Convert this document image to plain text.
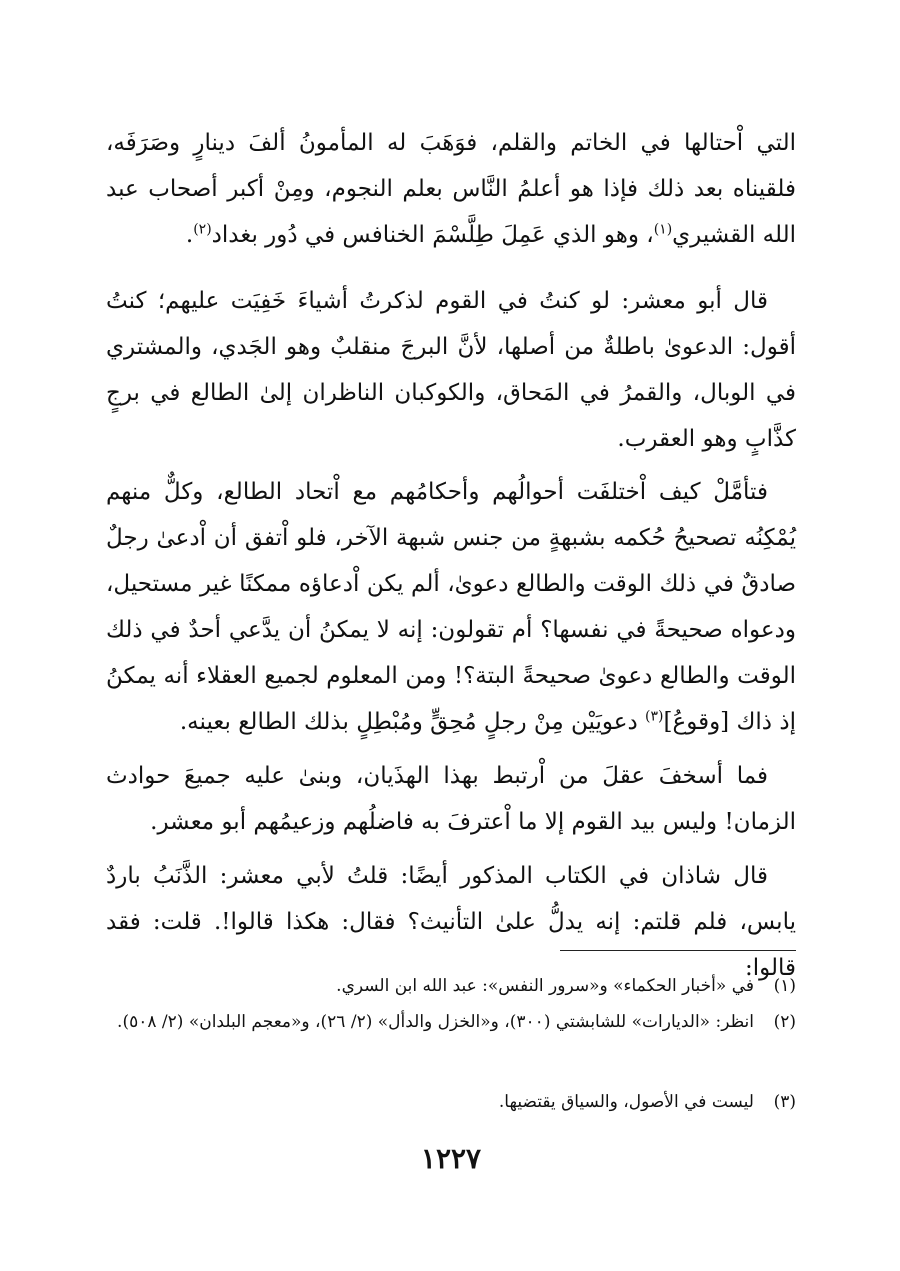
التي اْحتالها في الخاتم والقلم، فوَهَبَ له المأمونُ ألفَ دينارٍ وصَرَفَه، فلقيناه بعد ذلك فإذا هو أعلمُ النَّاس بعلم النجوم، ومِنْ أكبر أصحاب عبد الله القشيري$^{(١)}$، وهو الذي عَمِلَ طِلَّسْمَ الخنافس في دُور بغداد$^{(٢)}$.

قال أبو معشر: لو كنتُ في القوم لذكرتُ أشياءَ خَفِيَت عليهم؛ كنتُ أقول: الدعوىٰ باطلةٌ من أصلها، لأنَّ البرجَ منقلبٌ وهو الجَدي، والمشتري في الوبال، والقمرُ في المَحاق، والكوكبان الناظران إلىٰ الطالع في برجٍ كذَّابٍ وهو العقرب.

فتأمَّلْ كيف اْختلفَت أحوالُهم وأحكامُهم مع اْتحاد الطالع، وكلٌّ منهم يُمْكِنُه تصحيحُ حُكمه بشبهةٍ من جنس شبهة الآخر، فلو اْتفق أن اْدعىٰ رجلٌ صادقٌ في ذلك الوقت والطالع دعوىٰ، ألم يكن اْدعاؤه ممكنًا غير مستحيل، ودعواه صحيحةً في نفسها؟ أم تقولون: إنه لا يمكنُ أن يدَّعي أحدٌ في ذلك الوقت والطالع دعوىٰ صحيحةً البتة؟! ومن المعلوم لجميع العقلاء أنه يمكنُ إذ ذاك [وقوعُ]$^{(٣)}$ دعويَيْن مِنْ رجلٍ مُحِقٍّ ومُبْطِلٍ بذلك الطالع بعينه.

فما أسخفَ عقلَ من اْرتبط بهذا الهذَيان، وبنىٰ عليه جميعَ حوادث الزمان! وليس بيد القوم إلا ما اْعترفَ به فاضلُهم وزعيمُهم أبو معشر.

قال شاذان في الكتاب المذكور أيضًا: قلتُ لأبي معشر: الذَّنَبُ باردٌ يابس، فلم قلتم: إنه يدلُّ علىٰ التأنيث؟ فقال: هكذا قالوا!. قلت: فقد قالوا:

(١)
في «أخبار الحكماء» و«سرور النفس»: عبد الله ابن السري.
(٢)
انظر: «الديارات» للشابشتي (٣٠٠)، و«الخزل والدأل» (٢/ ٢٦)، و«معجم البلدان» (٢/ ٥٠٨).
(٣)
ليست في الأصول، والسياق يقتضيها.
١٢٢٧
